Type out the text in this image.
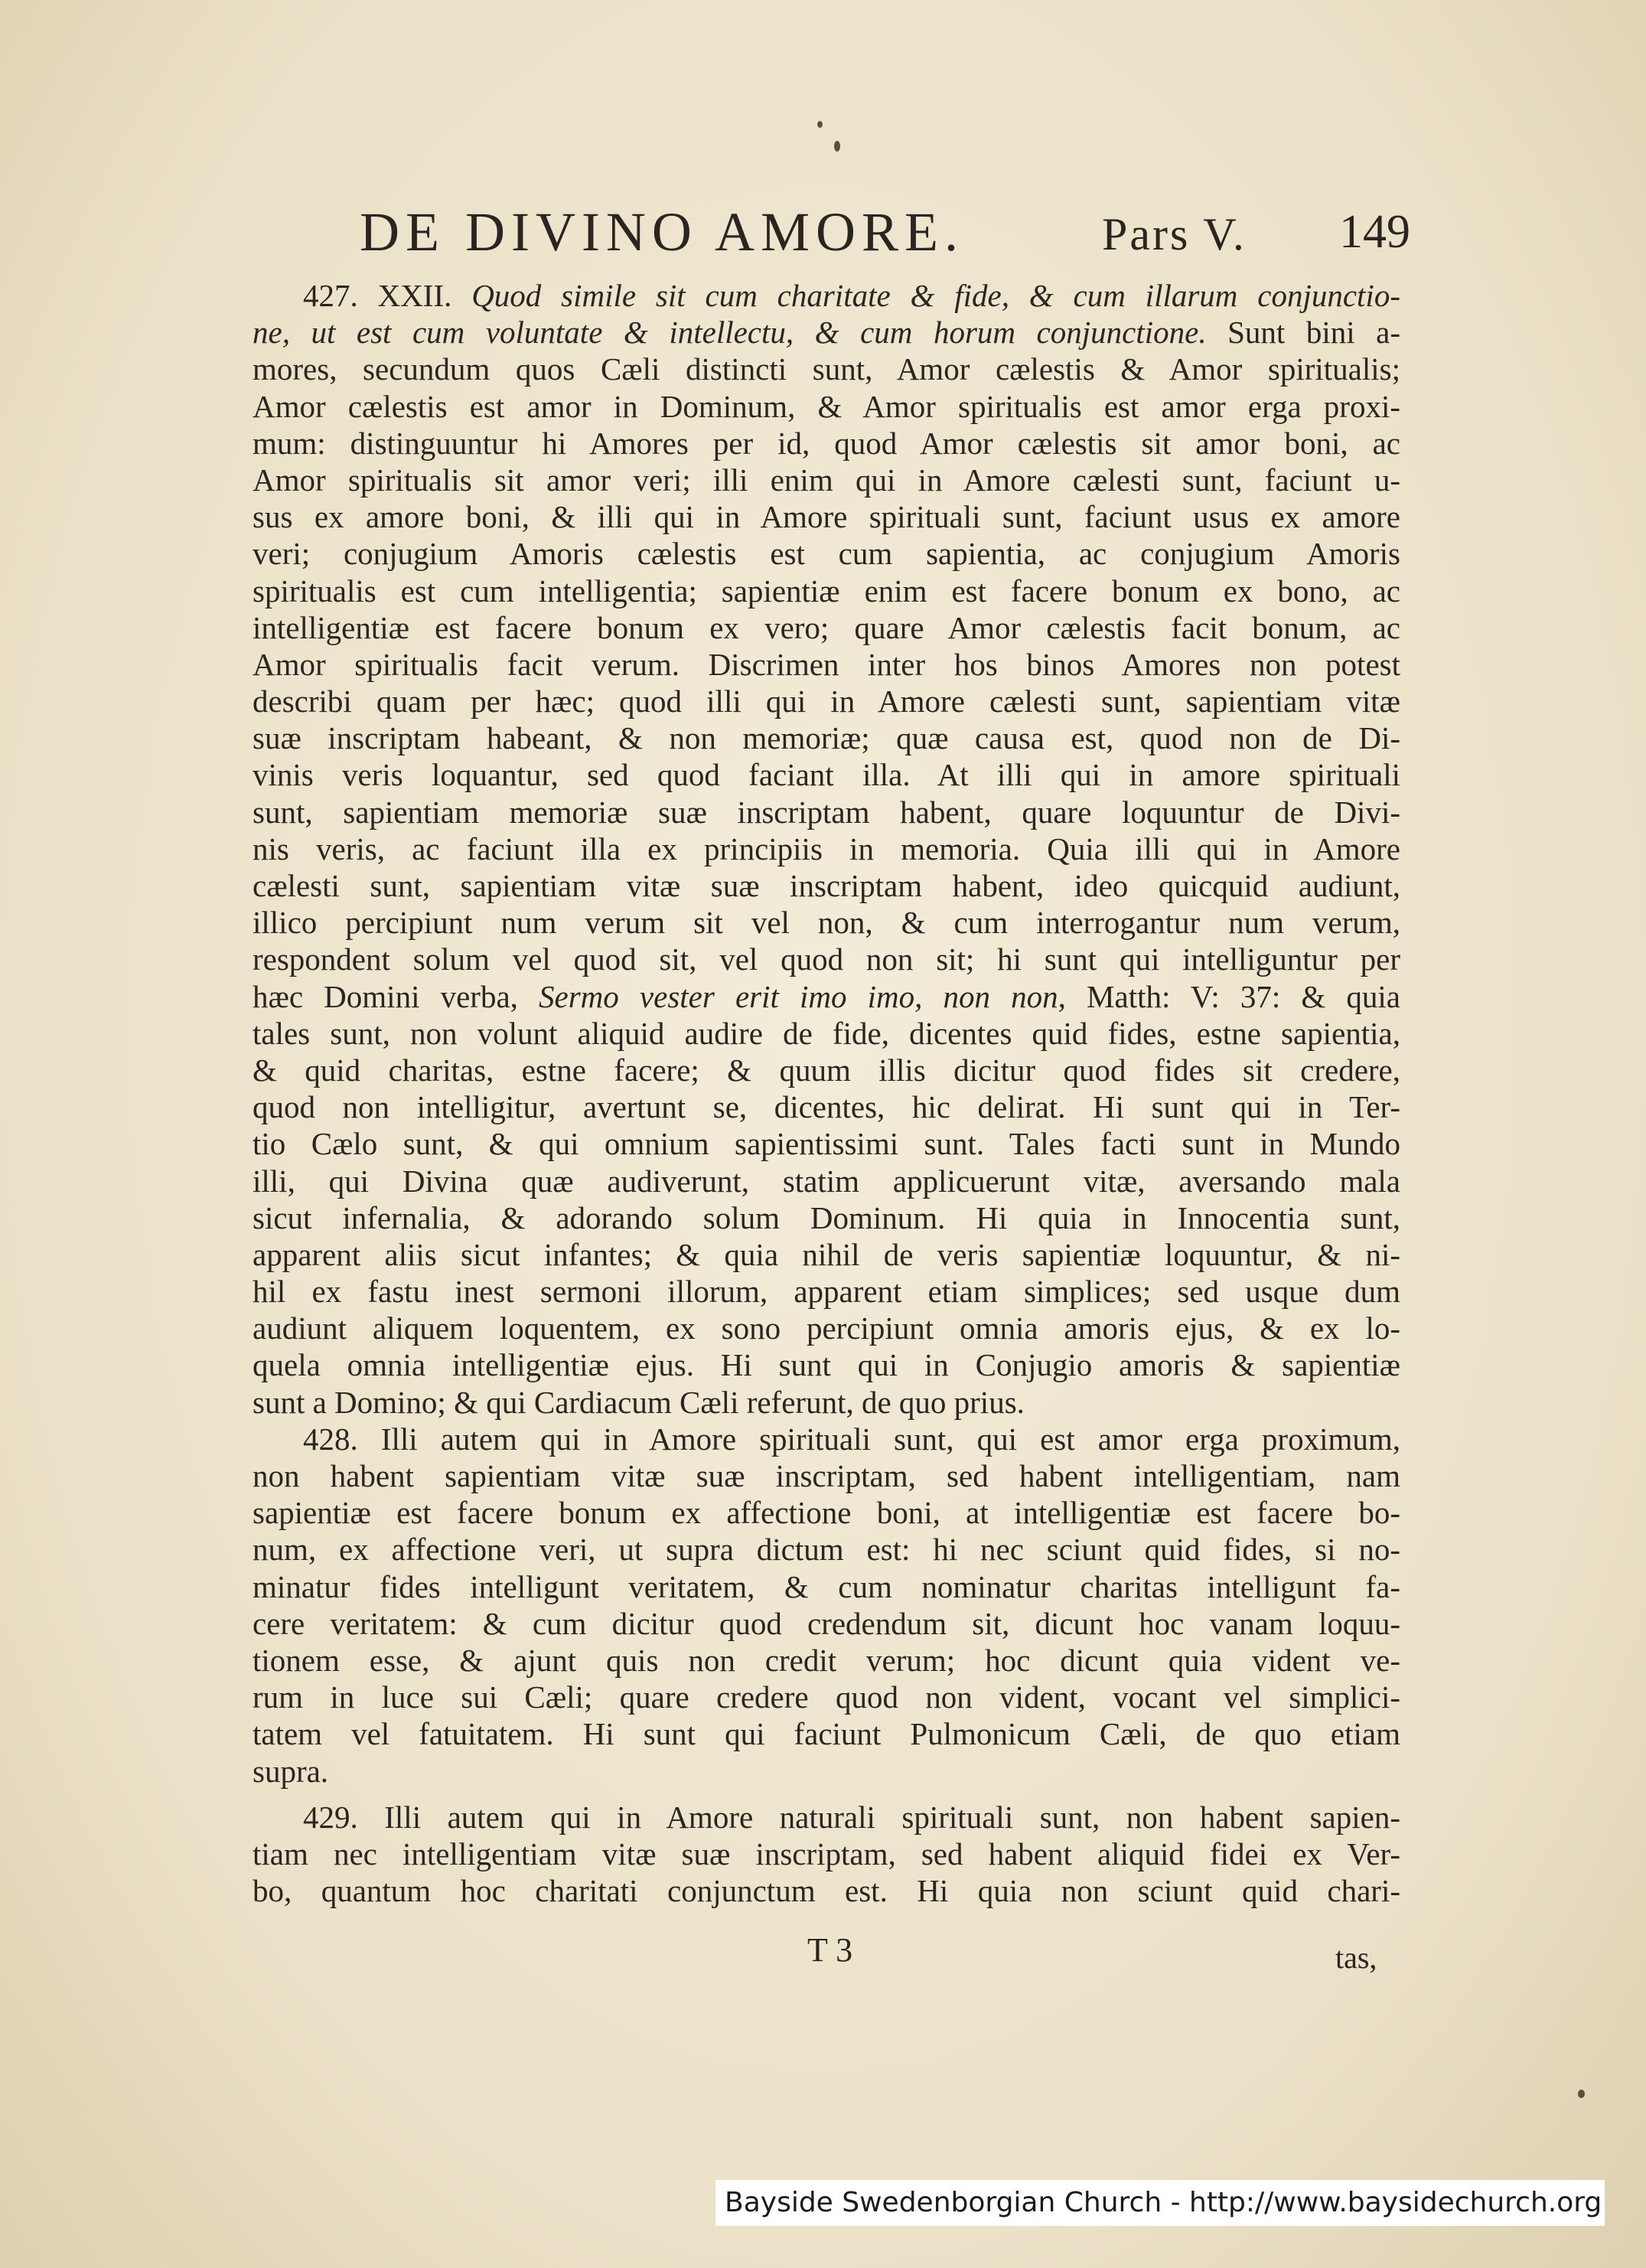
DE DIVINO AMORE.	Pars V. 149
427. XXII. Quod simile sit cum charitate & fide, & cum illarum conjunctio-
ne, ut est cum voluntate & intellectu, & cum horum conjunctione. Sunt bini a-
mores, secundum quos Cæli distincti sunt, Amor cælestis & Amor spiritualis;
Amor cælestis est amor in Dominum, & Amor spiritualis est amor erga proxi-
mum: distinguuntur hi Amores per id, quod Amor cælestis sit amor boni, ac
Amor spiritualis sit amor veri; illi enim qui in Amore cælesti sunt, faciunt u-
sus ex amore boni, & illi qui in Amore spirituali sunt, faciunt usus ex amore
veri; conjugium Amoris cælestis est cum sapientia, ac conjugium Amoris
spiritualis est cum intelligentia; sapientiæ enim est facere bonum ex bono, ac
intelligentiæ est facere bonum ex vero; quare Amor cælestis facit bonum, ac
Amor spiritualis facit verum. Discrimen inter hos binos Amores non potest
describi quam per hæc; quod illi qui in Amore cælesti sunt, sapientiam vitæ
suæ inscriptam habeant, & non memoriæ; quæ causa est, quod non de Di-
vinis veris loquantur, sed quod faciant illa. At illi qui in amore spirituali
sunt, sapientiam memoriæ suæ inscriptam habent, quare loquuntur de Divi-
nis veris, ac faciunt illa ex principiis in memoria. Quia illi qui in Amore
cælesti sunt, sapientiam vitæ suæ inscriptam habent, ideo quicquid audiunt,
illico percipiunt num verum sit vel non, & cum interrogantur num verum,
respondent solum vel quod sit, vel quod non sit; hi sunt qui intelliguntur per
hæc Domini verba, Sermo vester erit imo imo, non non, Matth: V: 37: & quia
tales sunt, non volunt aliquid audire de fide, dicentes quid fides, estne sapientia,
& quid charitas, estne facere; & quum illis dicitur quod fides sit credere,
quod non intelligitur, avertunt se, dicentes, hic delirat. Hi sunt qui in Ter-
tio Cælo sunt, & qui omnium sapientissimi sunt. Tales facti sunt in Mundo
illi, qui Divina quæ audiverunt, statim applicuerunt vitæ, aversando mala
sicut infernalia, & adorando solum Dominum. Hi quia in Innocentia sunt,
apparent aliis sicut infantes; & quia nihil de veris sapientiæ loquuntur, & ni-
hil ex fastu inest sermoni illorum, apparent etiam simplices; sed usque dum
audiunt aliquem loquentem, ex sono percipiunt omnia amoris ejus, & ex lo-
quela omnia intelligentiæ ejus. Hi sunt qui in Conjugio amoris & sapientiæ
sunt a Domino; & qui Cardiacum Cæli referunt, de quo prius.
428. Illi autem qui in Amore spirituali sunt, qui est amor erga proximum,
non habent sapientiam vitæ suæ inscriptam, sed habent intelligentiam, nam
sapientiæ est facere bonum ex affectione boni, at intelligentiæ est facere bo-
num, ex affectione veri, ut supra dictum est: hi nec sciunt quid fides, si no-
minatur fides intelligunt veritatem, & cum nominatur charitas intelligunt fa-
cere veritatem: & cum dicitur quod credendum sit, dicunt hoc vanam loquu-
tionem esse, & ajunt quis non credit verum; hoc dicunt quia vident ve-
rum in luce sui Cæli; quare credere quod non vident, vocant vel simplici-
tatem vel fatuitatem. Hi sunt qui faciunt Pulmonicum Cæli, de quo etiam
supra.
429. Illi autem qui in Amore naturali spirituali sunt, non habent sapien-
tiam nec intelligentiam vitæ suæ inscriptam, sed habent aliquid fidei ex Ver-
bo, quantum hoc charitati conjunctum est. Hi quia non sciunt quid chari-
T 3	tas,
Bayside Swedenborgian Church - http://www.baysidechurch.org
